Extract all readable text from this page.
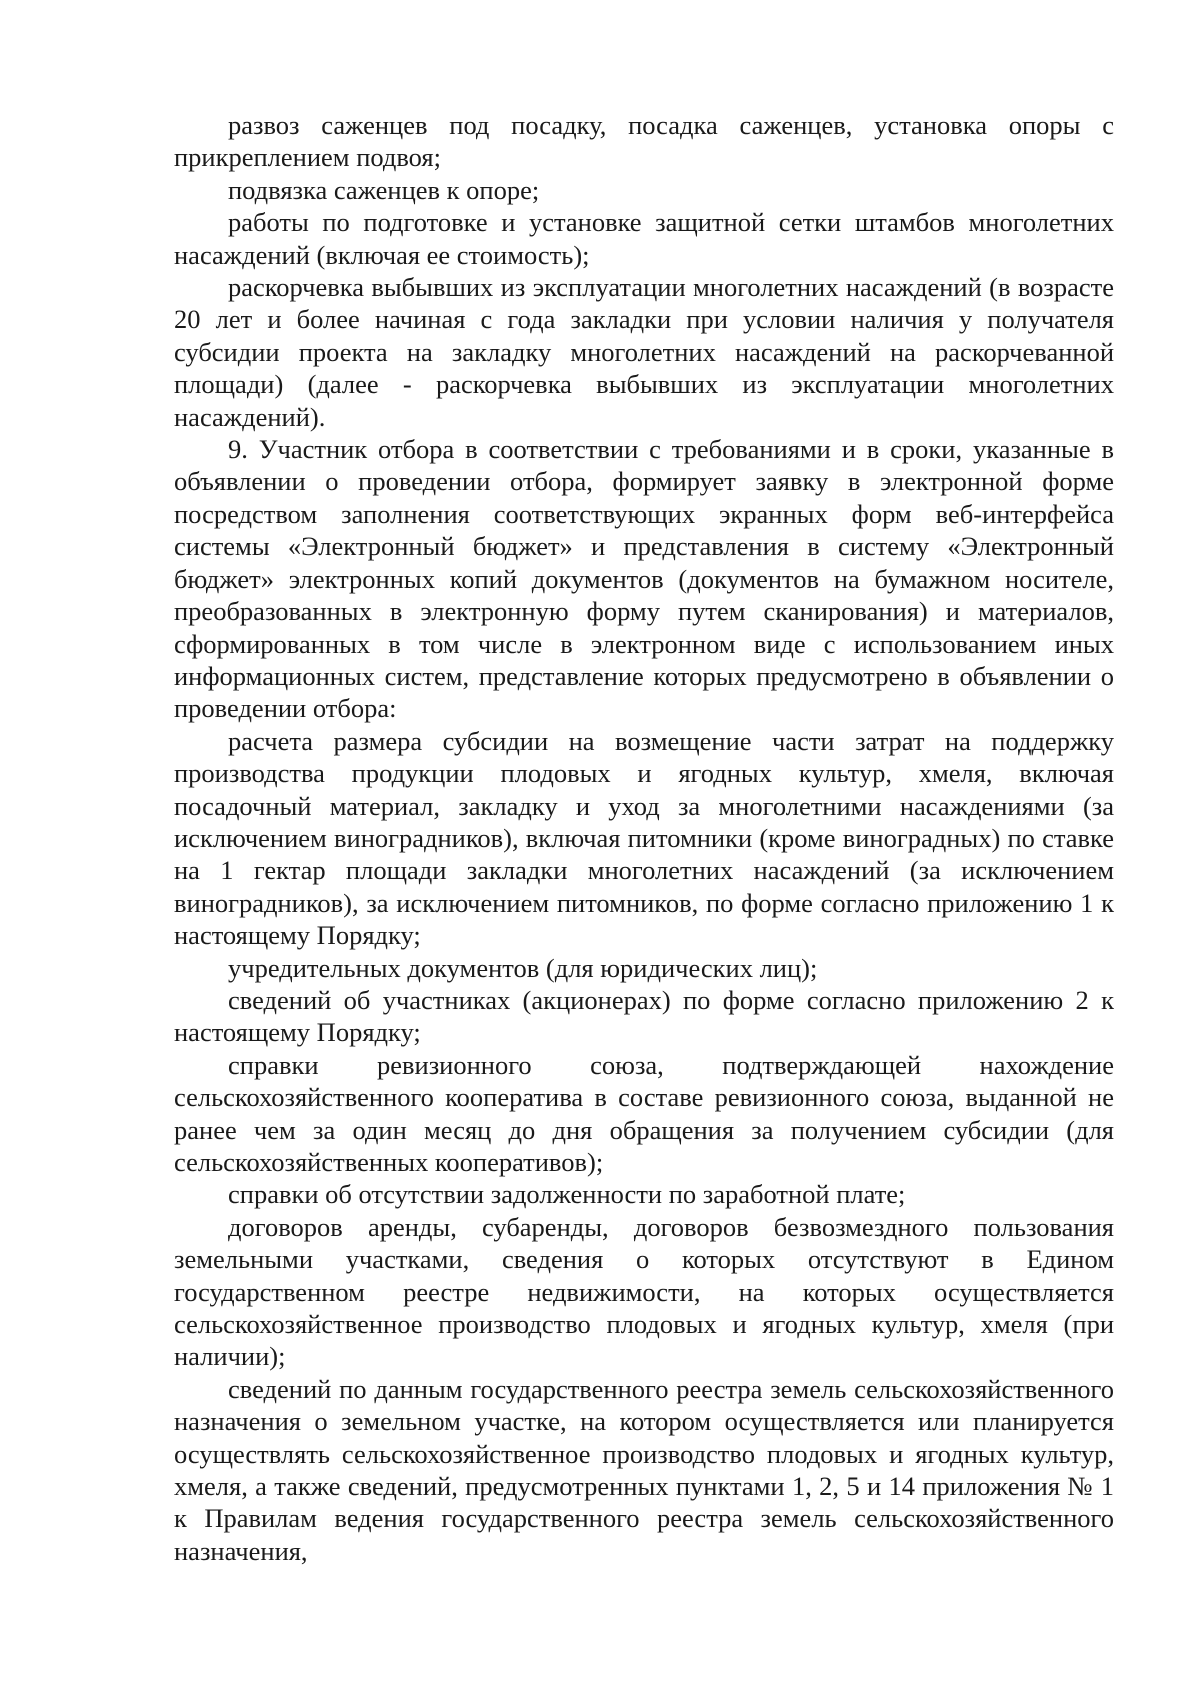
развоз саженцев под посадку, посадка саженцев, установка опоры с прикреплением подвоя;

подвязка саженцев к опоре;

работы по подготовке и установке защитной сетки штамбов многолетних насаждений (включая ее стоимость);

раскорчевка выбывших из эксплуатации многолетних насаждений (в возрасте 20 лет и более начиная с года закладки при условии наличия у получателя субсидии проекта на закладку многолетних насаждений на раскорчеванной площади) (далее - раскорчевка выбывших из эксплуатации многолетних насаждений).

9. Участник отбора в соответствии с требованиями и в сроки, указанные в объявлении о проведении отбора, формирует заявку в электронной форме посредством заполнения соответствующих экранных форм веб-интерфейса системы «Электронный бюджет» и представления в систему «Электронный бюджет» электронных копий документов (документов на бумажном носителе, преобразованных в электронную форму путем сканирования) и материалов, сформированных в том числе в электронном виде с использованием иных информационных систем, представление которых предусмотрено в объявлении о проведении отбора:

расчета размера субсидии на возмещение части затрат на поддержку производства продукции плодовых и ягодных культур, хмеля, включая посадочный материал, закладку и уход за многолетними насаждениями (за исключением виноградников), включая питомники (кроме виноградных) по ставке на 1 гектар площади закладки многолетних насаждений (за исключением виноградников), за исключением питомников, по форме согласно приложению 1 к настоящему Порядку;

учредительных документов (для юридических лиц);

сведений об участниках (акционерах) по форме согласно приложению 2 к настоящему Порядку;

справки ревизионного союза, подтверждающей нахождение сельскохозяйственного кооператива в составе ревизионного союза, выданной не ранее чем за один месяц до дня обращения за получением субсидии (для сельскохозяйственных кооперативов);

справки об отсутствии задолженности по заработной плате;

договоров аренды, субаренды, договоров безвозмездного пользования земельными участками, сведения о которых отсутствуют в Едином государственном реестре недвижимости, на которых осуществляется сельскохозяйственное производство плодовых и ягодных культур, хмеля (при наличии);

сведений по данным государственного реестра земель сельскохозяйственного назначения о земельном участке, на котором осуществляется или планируется осуществлять сельскохозяйственное производство плодовых и ягодных культур, хмеля, а также сведений, предусмотренных пунктами 1, 2, 5 и 14 приложения № 1 к Правилам ведения государственного реестра земель сельскохозяйственного назначения,
